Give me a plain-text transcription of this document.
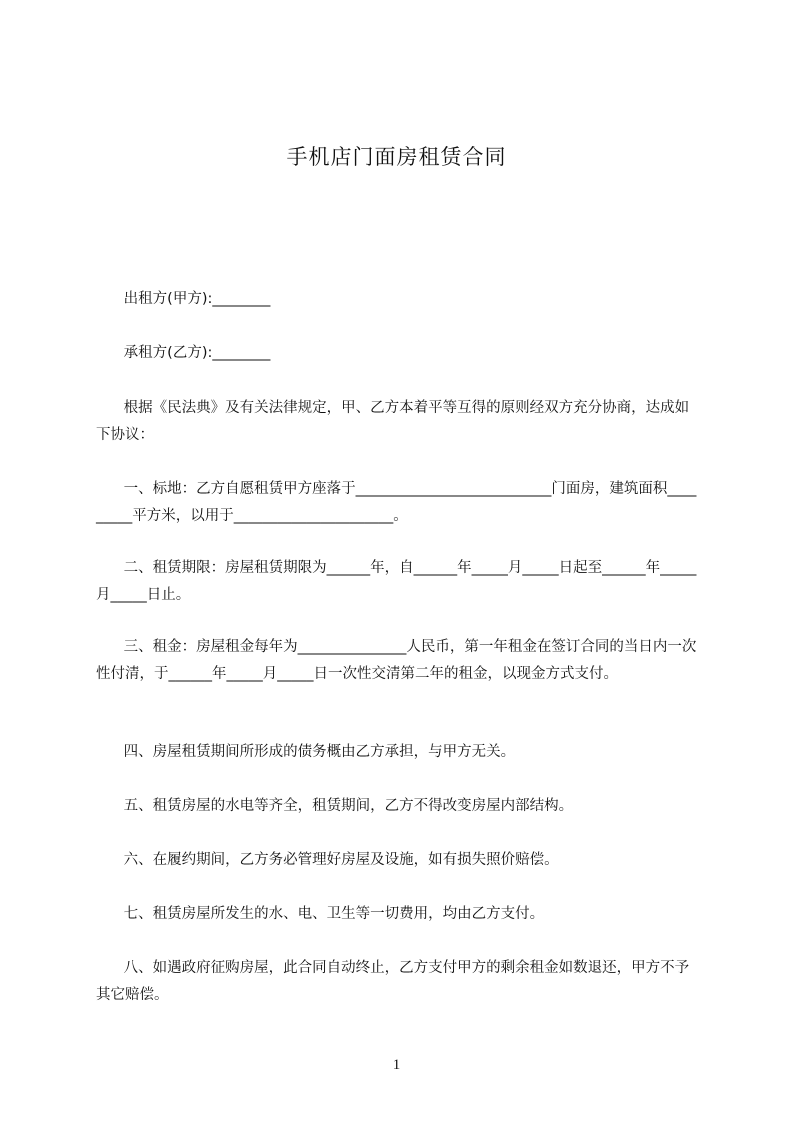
手机店门面房租赁合同
出租方(甲方):________
承租方(乙方):________
根据《民法典》及有关法律规定，甲、乙方本着平等互得的原则经双方充分协商，达成如下协议：
一、标地：乙方自愿租赁甲方座落于___________________________门面房，建筑面积_________平方米，以用于______________________。
二、租赁期限：房屋租赁期限为______年，自______年_____月_____日起至______年_____月_____日止。
三、租金：房屋租金每年为_______________人民币，第一年租金在签订合同的当日内一次性付清，于______年_____月_____日一次性交清第二年的租金，以现金方式支付。
四、房屋租赁期间所形成的债务概由乙方承担，与甲方无关。
五、租赁房屋的水电等齐全，租赁期间，乙方不得改变房屋内部结构。
六、在履约期间，乙方务必管理好房屋及设施，如有损失照价赔偿。
七、租赁房屋所发生的水、电、卫生等一切费用，均由乙方支付。
八、如遇政府征购房屋，此合同自动终止，乙方支付甲方的剩余租金如数退还，甲方不予其它赔偿。
1
